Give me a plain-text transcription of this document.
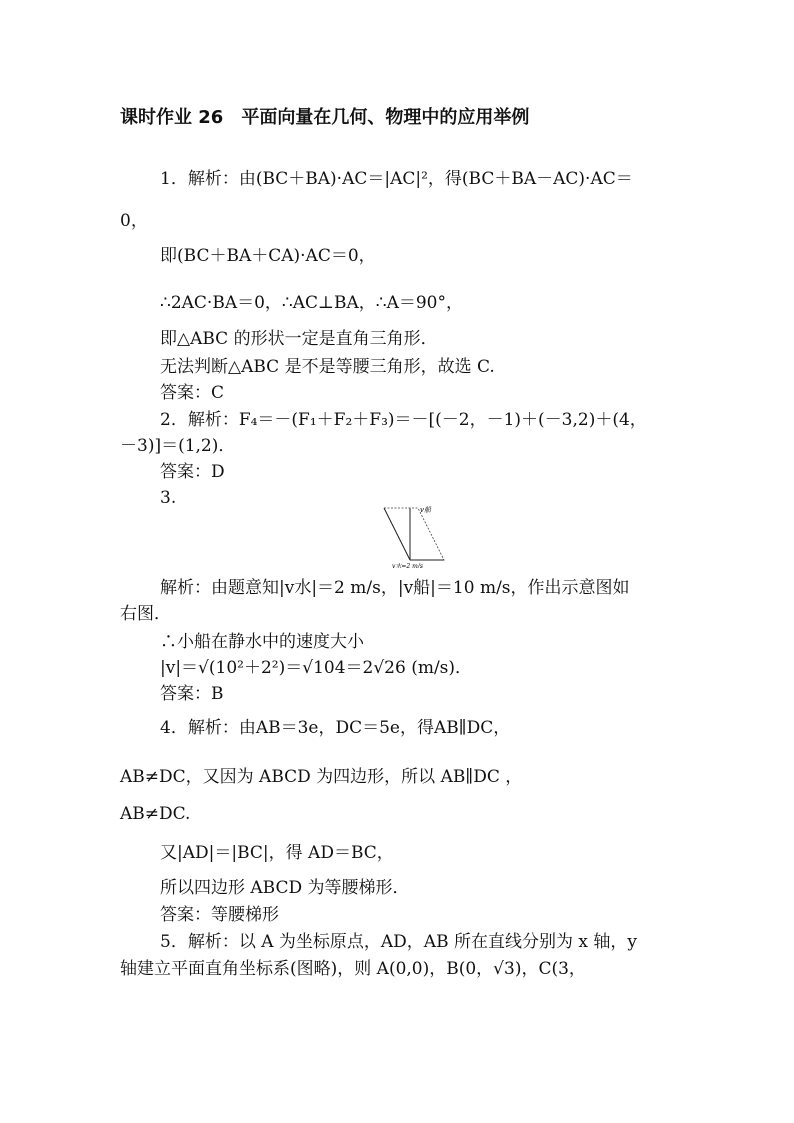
课时作业 26　平面向量在几何、物理中的应用举例
1．解析：由(BC＋BA)·AC＝|AC|²，得(BC＋BA－AC)·AC＝
0，
即(BC＋BA＋CA)·AC＝0，
∴2AC·BA＝0，∴AC⊥BA，∴A＝90°，
即△ABC 的形状一定是直角三角形．
无法判断△ABC 是不是等腰三角形，故选 C.
答案：C
2．解析：F₄＝－(F₁＋F₂＋F₃)＝－[(－2，－1)＋(－3,2)＋(4，
－3)]＝(1,2)．
答案：D
3.
v船
v水=2 m/s
解析：由题意知|v水|＝2 m/s，|v船|＝10 m/s，作出示意图如
右图．
∴小船在静水中的速度大小
|v|＝√(10²＋2²)＝√104＝2√26 (m/s)．
答案：B
4．解析：由AB＝3e，DC＝5e，得AB∥DC，
AB≠DC，又因为 ABCD 为四边形，所以 AB∥DC ，
AB≠DC.
又|AD|＝|BC|，得 AD＝BC，
所以四边形 ABCD 为等腰梯形．
答案：等腰梯形
5．解析：以 A 为坐标原点，AD，AB 所在直线分别为 x 轴，y
轴建立平面直角坐标系(图略)，则 A(0,0)，B(0，√3)，C(3，
